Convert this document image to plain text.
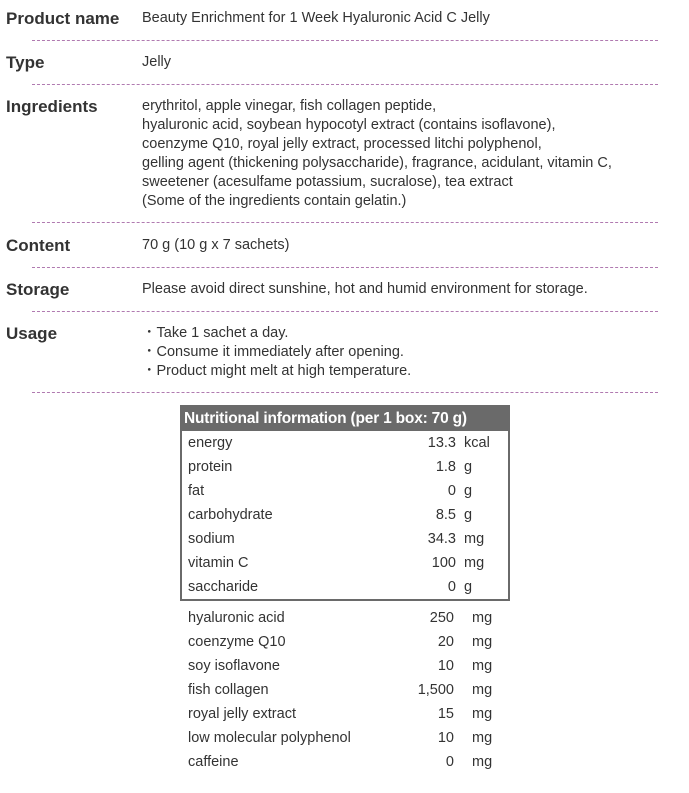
Product name	Beauty Enrichment for 1 Week Hyaluronic Acid C Jelly
Type	Jelly
Ingredients	erythritol, apple vinegar, fish collagen peptide,
hyaluronic acid, soybean hypocotyl extract (contains isoflavone),
coenzyme Q10, royal jelly extract, processed litchi polyphenol,
gelling agent (thickening polysaccharide), fragrance, acidulant, vitamin C,
sweetener (acesulfame potassium, sucralose), tea extract
(Some of the ingredients contain gelatin.)
Content	70 g (10 g x 7 sachets)
Storage	Please avoid direct sunshine, hot and humid environment for storage.
Usage	・Take 1 sachet a day.
・Consume it immediately after opening.
・Product might melt at high temperature.
Nutritional information (per 1 box: 70 g)
energy	13.3 kcal
protein	1.8 g
fat	0 g
carbohydrate	8.5 g
sodium	34.3 mg
vitamin C	100 mg
saccharide	0 g
hyaluronic acid	250 mg
coenzyme Q10	20 mg
soy isoflavone	10 mg
fish collagen	1,500 mg
royal jelly extract	15 mg
low molecular polyphenol	10 mg
caffeine	0 mg
